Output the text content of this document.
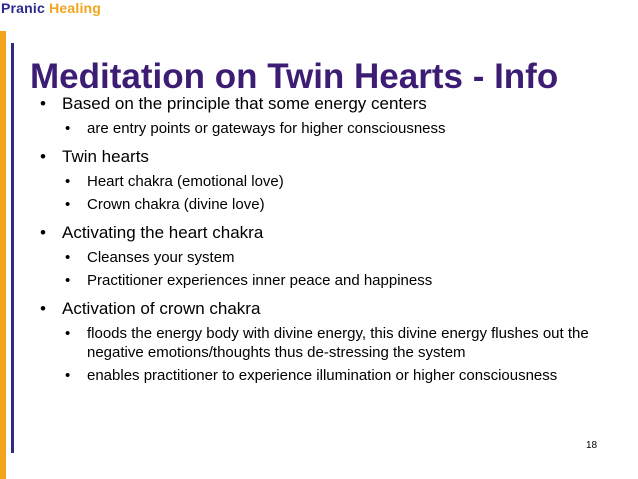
Pranic Healing
Meditation on Twin Hearts - Info
• Based on the principle that some energy centers
• are entry points or gateways for higher consciousness
• Twin hearts
• Heart chakra (emotional love)
• Crown chakra (divine love)
• Activating the heart chakra
• Cleanses your system
• Practitioner experiences inner peace and happiness
• Activation of crown chakra
• floods the energy body with divine energy, this divine energy flushes out the negative emotions/thoughts thus de-stressing the system
• enables practitioner to experience illumination or higher consciousness
18
